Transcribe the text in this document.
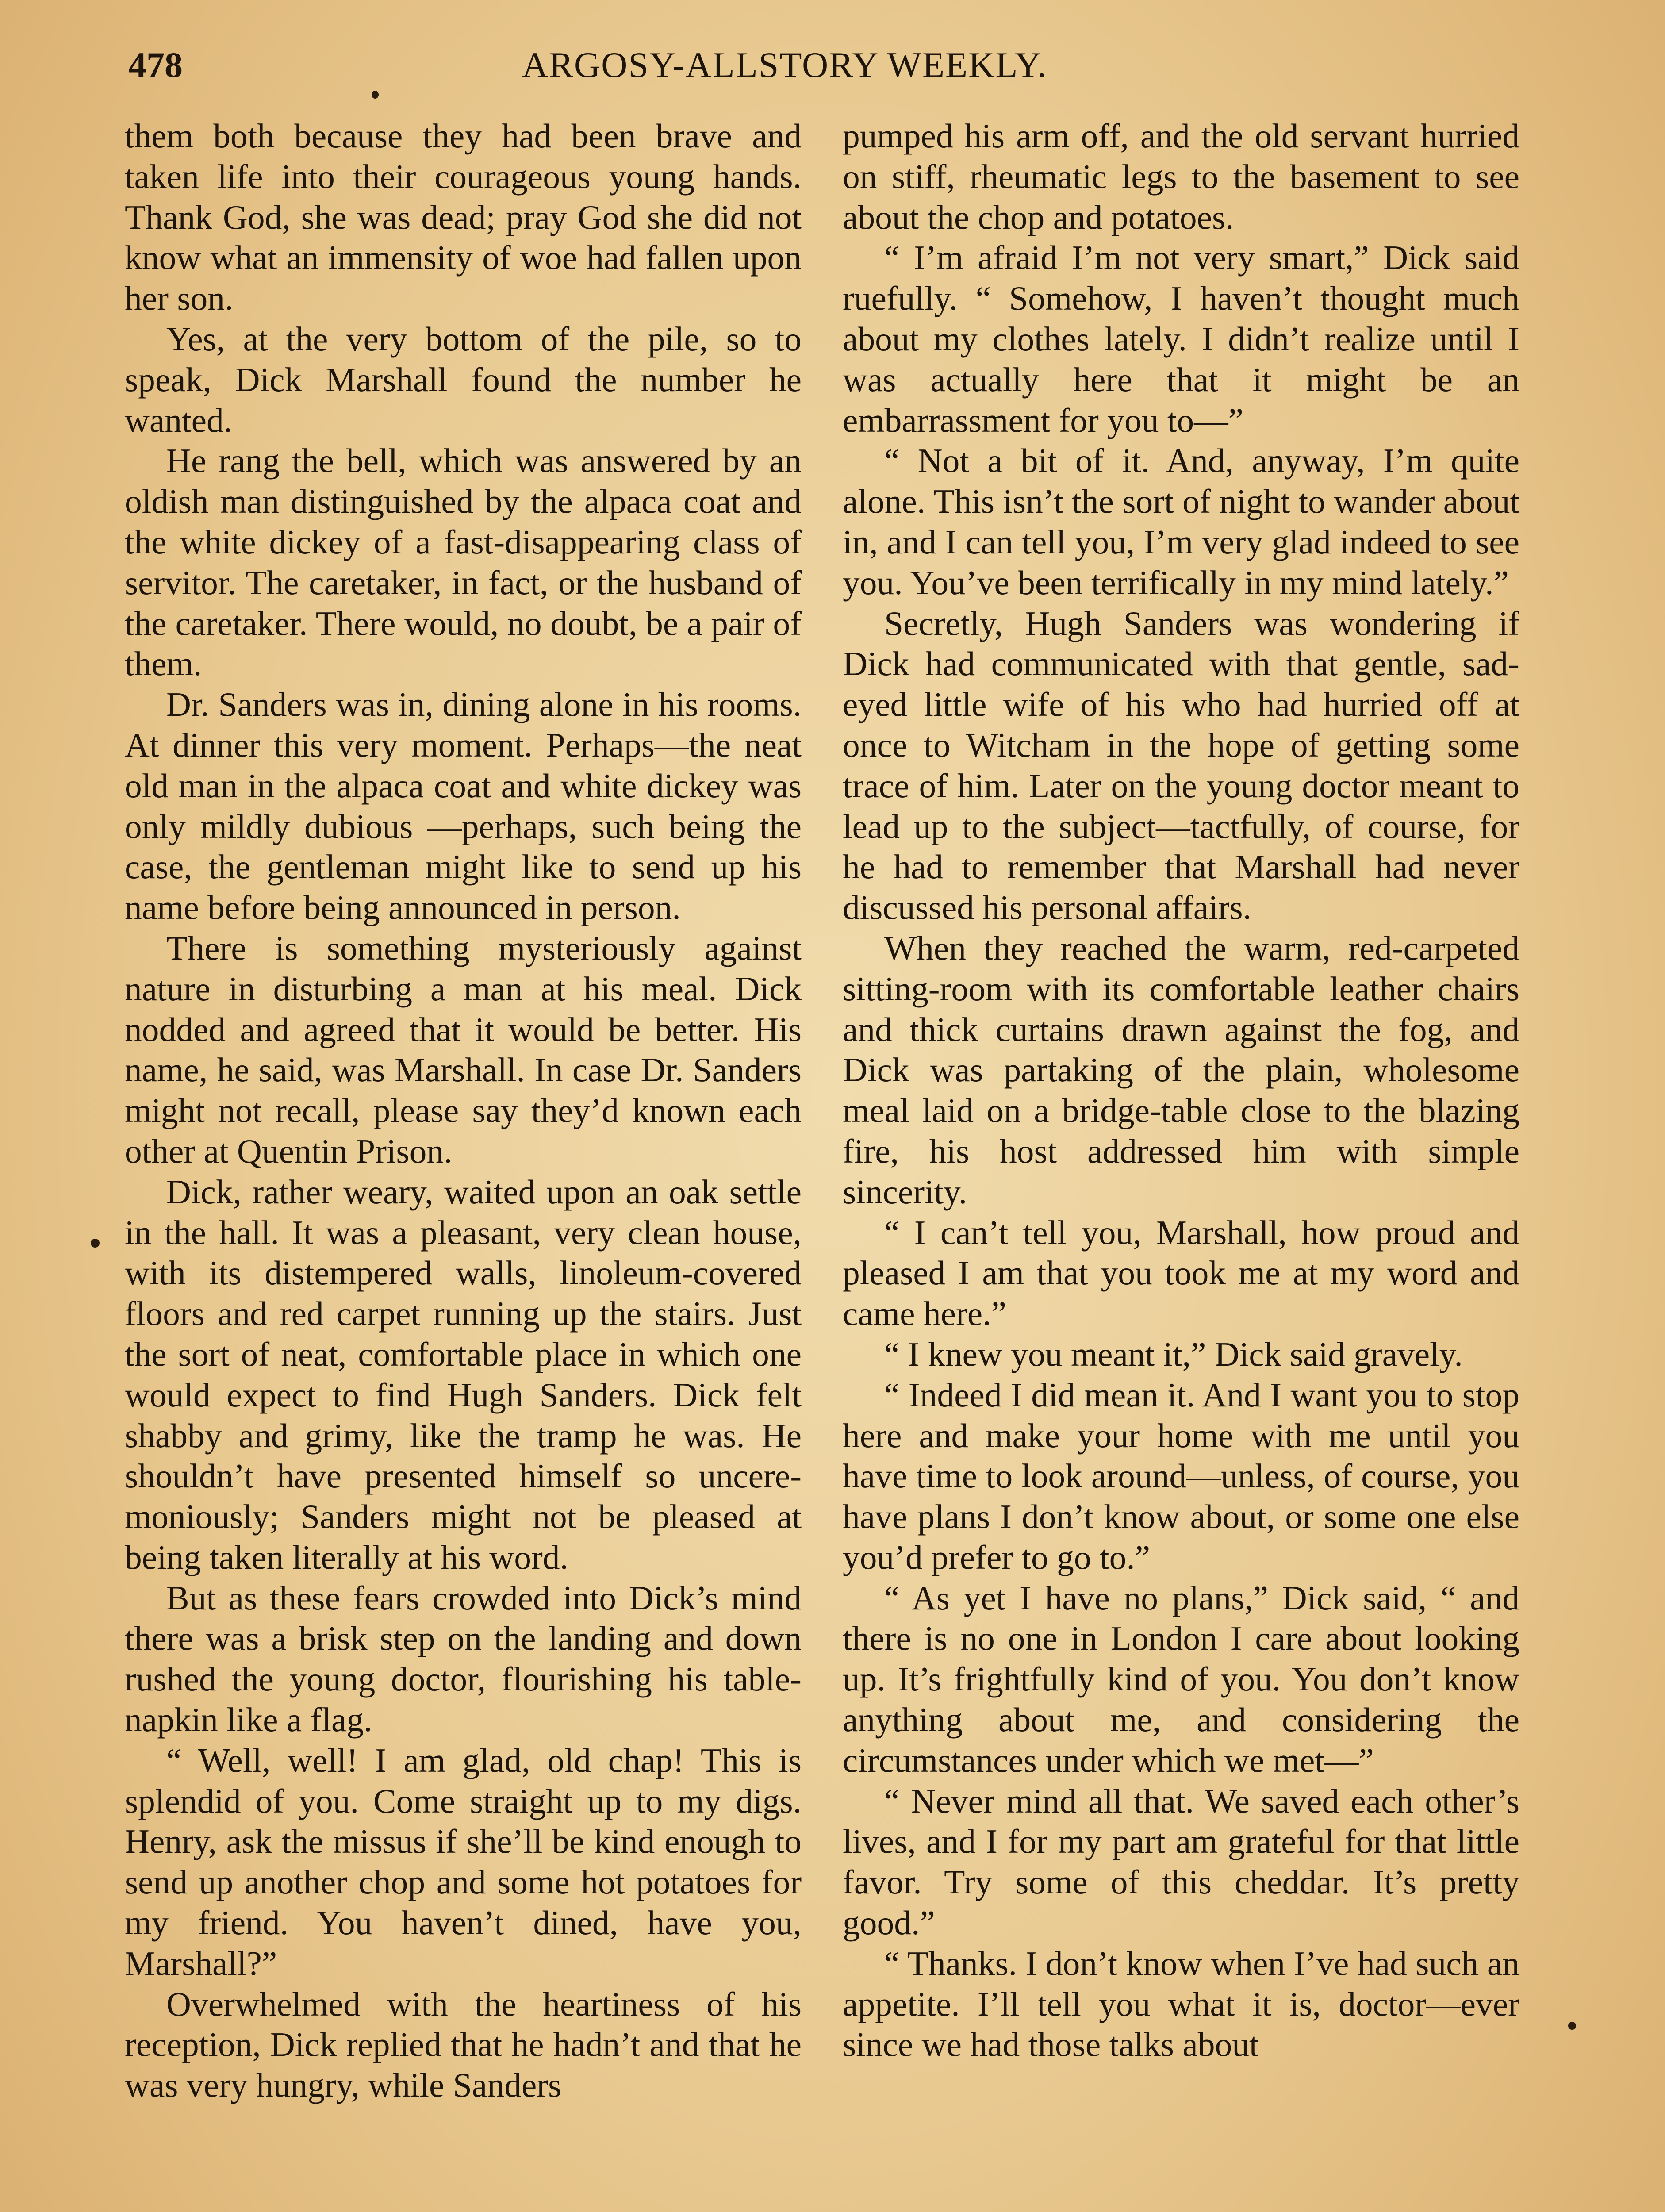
478	ARGOSY-ALLSTORY WEEKLY.

them both because they had been brave and taken life into their courageous young hands. Thank God, she was dead; pray God she did not know what an immensity of woe had fallen upon her son.

Yes, at the very bottom of the pile, so to speak, Dick Marshall found the number he wanted.

He rang the bell, which was answered by an oldish man distinguished by the alpaca coat and the white dickey of a fast-disappearing class of servitor. The caretaker, in fact, or the husband of the caretaker. There would, no doubt, be a pair of them.

Dr. Sanders was in, dining alone in his rooms. At dinner this very moment. Perhaps—the neat old man in the alpaca coat and white dickey was only mildly dubious —perhaps, such being the case, the gentleman might like to send up his name before being announced in person.

There is something mysteriously against nature in disturbing a man at his meal. Dick nodded and agreed that it would be better. His name, he said, was Marshall. In case Dr. Sanders might not recall, please say they’d known each other at Quentin Prison.

Dick, rather weary, waited upon an oak settle in the hall. It was a pleasant, very clean house, with its distempered walls, linoleum-covered floors and red carpet running up the stairs. Just the sort of neat, comfortable place in which one would expect to find Hugh Sanders. Dick felt shabby and grimy, like the tramp he was. He shouldn’t have presented himself so unceremoniously; Sanders might not be pleased at being taken literally at his word.

But as these fears crowded into Dick’s mind there was a brisk step on the landing and down rushed the young doctor, flourishing his table-napkin like a flag.

“ Well, well! I am glad, old chap! This is splendid of you. Come straight up to my digs. Henry, ask the missus if she’ll be kind enough to send up another chop and some hot potatoes for my friend. You haven’t dined, have you, Marshall?”

Overwhelmed with the heartiness of his reception, Dick replied that he hadn’t and that he was very hungry, while Sanders

pumped his arm off, and the old servant hurried on stiff, rheumatic legs to the basement to see about the chop and potatoes.

“ I’m afraid I’m not very smart,” Dick said ruefully. “ Somehow, I haven’t thought much about my clothes lately. I didn’t realize until I was actually here that it might be an embarrassment for you to—”

“ Not a bit of it. And, anyway, I’m quite alone. This isn’t the sort of night to wander about in, and I can tell you, I’m very glad indeed to see you. You’ve been terrifically in my mind lately.”

Secretly, Hugh Sanders was wondering if Dick had communicated with that gentle, sad-eyed little wife of his who had hurried off at once to Witcham in the hope of getting some trace of him. Later on the young doctor meant to lead up to the subject—tactfully, of course, for he had to remember that Marshall had never discussed his personal affairs.

When they reached the warm, red-carpeted sitting-room with its comfortable leather chairs and thick curtains drawn against the fog, and Dick was partaking of the plain, wholesome meal laid on a bridge-table close to the blazing fire, his host addressed him with simple sincerity.

“ I can’t tell you, Marshall, how proud and pleased I am that you took me at my word and came here.”

“ I knew you meant it,” Dick said gravely.

“ Indeed I did mean it. And I want you to stop here and make your home with me until you have time to look around—unless, of course, you have plans I don’t know about, or some one else you’d prefer to go to.”

“ As yet I have no plans,” Dick said, “ and there is no one in London I care about looking up. It’s frightfully kind of you. You don’t know anything about me, and considering the circumstances under which we met—”

“ Never mind all that. We saved each other’s lives, and I for my part am grateful for that little favor. Try some of this cheddar. It’s pretty good.”

“ Thanks. I don’t know when I’ve had such an appetite. I’ll tell you what it is, doctor—ever since we had those talks about
